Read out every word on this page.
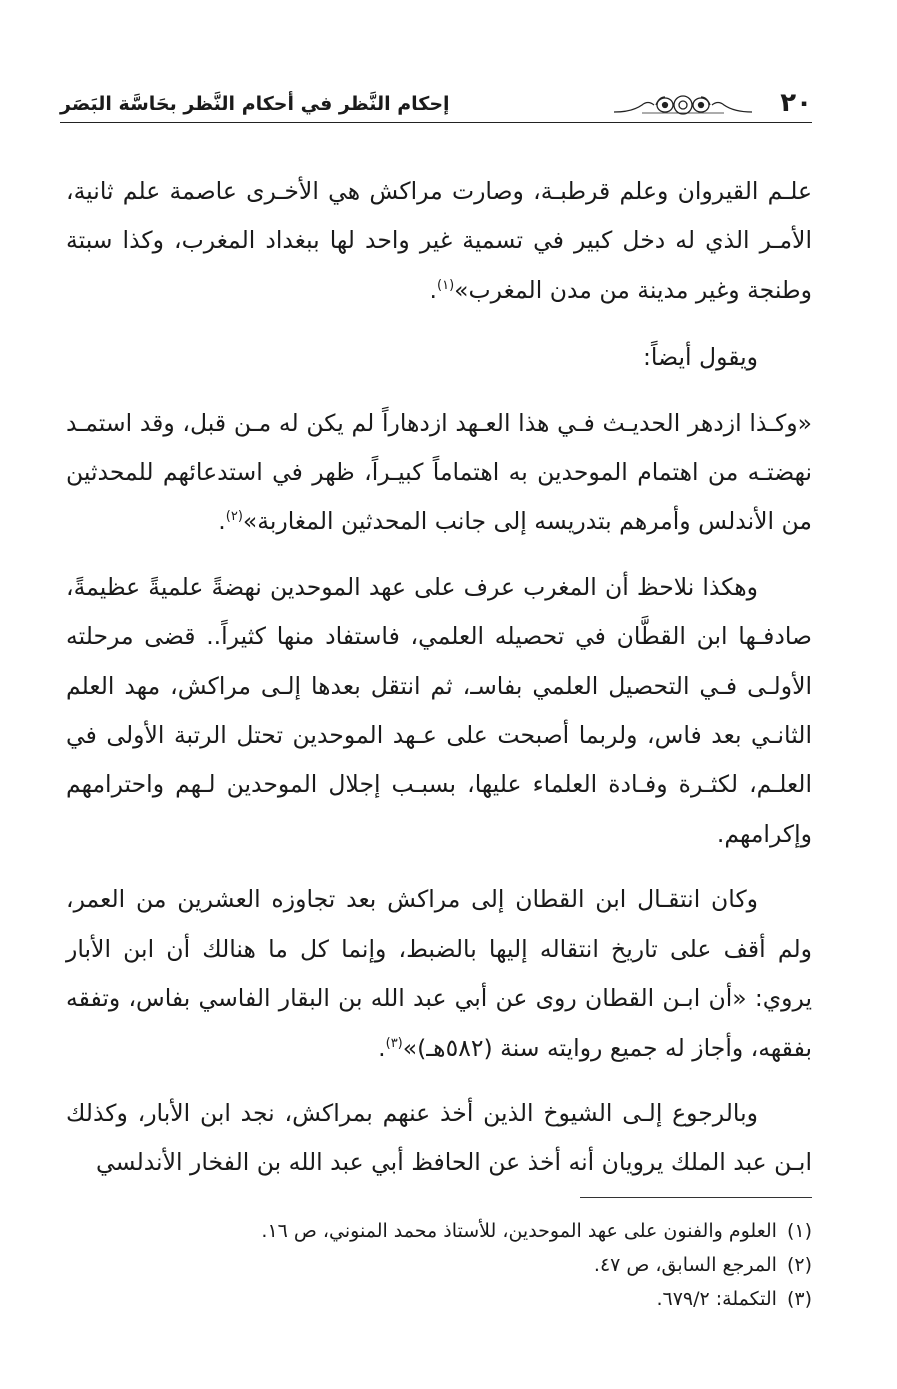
٢٠
إحكام النَّظر في أحكام النَّظر بحَاسَّة البَصَر

علـم القيروان وعلم قرطبـة، وصارت مراكش هي الأخـرى عاصمة علم ثانية، الأمـر الذي له دخل كبير في تسمية غير واحد لها ببغداد المغرب، وكذا سبتة وطنجة وغير مدينة من مدن المغرب»$^{(١)}$.

ويقول أيضاً:

«وكـذا ازدهر الحديـث فـي هذا العـهد ازدهاراً لم يكن له مـن قبل، وقد استمـد نهضتـه من اهتمام الموحدين به اهتماماً كبيـراً، ظهر في استدعائهم للمحدثين من الأندلس وأمرهم بتدريسه إلى جانب المحدثين المغاربة»$^{(٢)}$.

وهكذا نلاحظ أن المغرب عرف على عهد الموحدين نهضةً علميةً عظيمةً، صادفـها ابن القطَّان في تحصيله العلمي، فاستفاد منها كثيراً.. قضى مرحلته الأولـى فـي التحصيل العلمي بفاسـ، ثم انتقل بعدها إلـى مراكش، مهد العلم الثانـي بعد فاس، ولربما أصبحت على عـهد الموحدين تحتل الرتبة الأولى في العلـم، لكثـرة وفـادة العلماء عليها، بسبـب إجلال الموحدين لـهم واحترامهم وإكرامهم.

وكان انتقـال ابن القطان إلى مراكش بعد تجاوزه العشرين من العمر، ولم أقف على تاريخ انتقاله إليها بالضبط، وإنما كل ما هنالك أن ابن الأبار يروي: «أن ابـن القطان روى عن أبي عبد الله بن البقار الفاسي بفاس، وتفقه بفقهه، وأجاز له جميع روايته سنة (٥٨٢هـ)»$^{(٣)}$.

وبالرجوع إلـى الشيوخ الذين أخذ عنهم بمراكش، نجد ابن الأبار، وكذلك ابـن عبد الملك يرويان أنه أخذ عن الحافظ أبي عبد الله بن الفخار الأندلسي

(١)العلوم والفنون على عهد الموحدين، للأستاذ محمد المنوني، ص ١٦.

(٢)المرجع السابق، ص ٤٧.

(٣)التكملة: ٦٧٩/٢.
